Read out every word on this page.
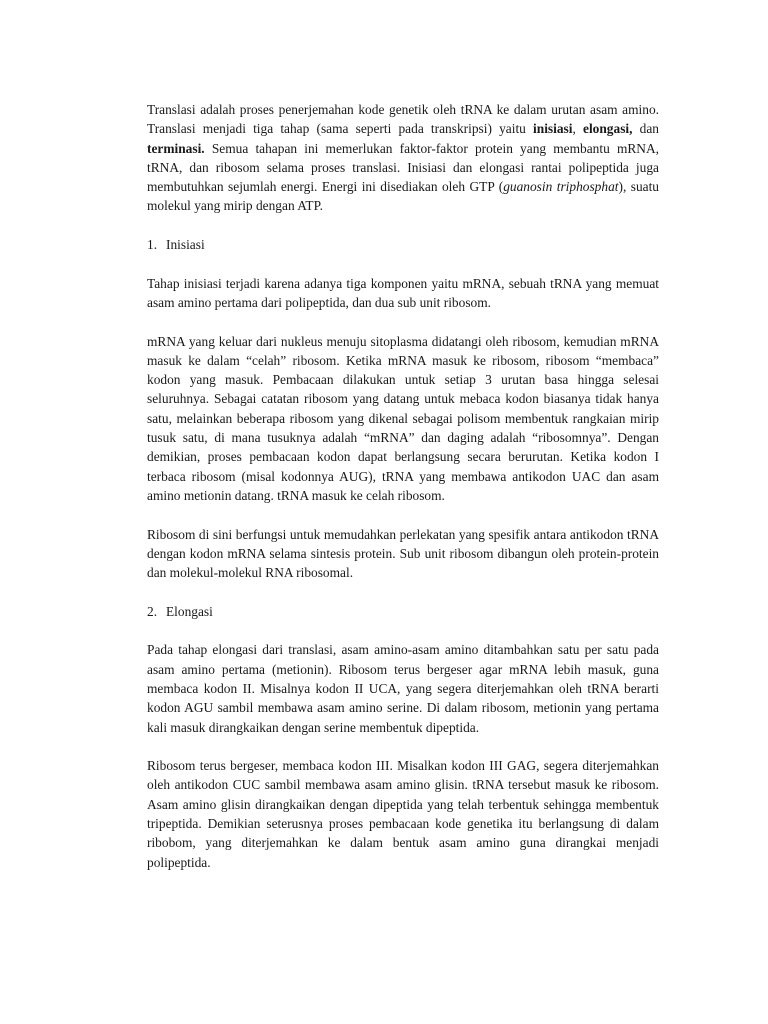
Translasi adalah proses penerjemahan kode genetik oleh tRNA ke dalam urutan asam amino. Translasi menjadi tiga tahap (sama seperti pada transkripsi) yaitu inisiasi, elongasi, dan terminasi. Semua tahapan ini memerlukan faktor-faktor protein yang membantu mRNA, tRNA, dan ribosom selama proses translasi. Inisiasi dan elongasi rantai polipeptida juga membutuhkan sejumlah energi. Energi ini disediakan oleh GTP (guanosin triphosphat), suatu molekul yang mirip dengan ATP.

1. Inisiasi

Tahap inisiasi terjadi karena adanya tiga komponen yaitu mRNA, sebuah tRNA yang memuat asam amino pertama dari polipeptida, dan dua sub unit ribosom.

mRNA yang keluar dari nukleus menuju sitoplasma didatangi oleh ribosom, kemudian mRNA masuk ke dalam “celah” ribosom. Ketika mRNA masuk ke ribosom, ribosom “membaca” kodon yang masuk. Pembacaan dilakukan untuk setiap 3 urutan basa hingga selesai seluruhnya. Sebagai catatan ribosom yang datang untuk mebaca kodon biasanya tidak hanya satu, melainkan beberapa ribosom yang dikenal sebagai polisom membentuk rangkaian mirip tusuk satu, di mana tusuknya adalah “mRNA” dan daging adalah “ribosomnya”. Dengan demikian, proses pembacaan kodon dapat berlangsung secara berurutan. Ketika kodon I terbaca ribosom (misal kodonnya AUG), tRNA yang membawa antikodon UAC dan asam amino metionin datang. tRNA masuk ke celah ribosom.

Ribosom di sini berfungsi untuk memudahkan perlekatan yang spesifik antara antikodon tRNA dengan kodon mRNA selama sintesis protein. Sub unit ribosom dibangun oleh protein-protein dan molekul-molekul RNA ribosomal.

2. Elongasi

Pada tahap elongasi dari translasi, asam amino-asam amino ditambahkan satu per satu pada asam amino pertama (metionin). Ribosom terus bergeser agar mRNA lebih masuk, guna membaca kodon II. Misalnya kodon II UCA, yang segera diterjemahkan oleh tRNA berarti kodon AGU sambil membawa asam amino serine. Di dalam ribosom, metionin yang pertama kali masuk dirangkaikan dengan serine membentuk dipeptida.

Ribosom terus bergeser, membaca kodon III. Misalkan kodon III GAG, segera diterjemahkan oleh antikodon CUC sambil membawa asam amino glisin. tRNA tersebut masuk ke ribosom. Asam amino glisin dirangkaikan dengan dipeptida yang telah terbentuk sehingga membentuk tripeptida. Demikian seterusnya proses pembacaan kode genetika itu berlangsung di dalam ribobom, yang diterjemahkan ke dalam bentuk asam amino guna dirangkai menjadi polipeptida.
